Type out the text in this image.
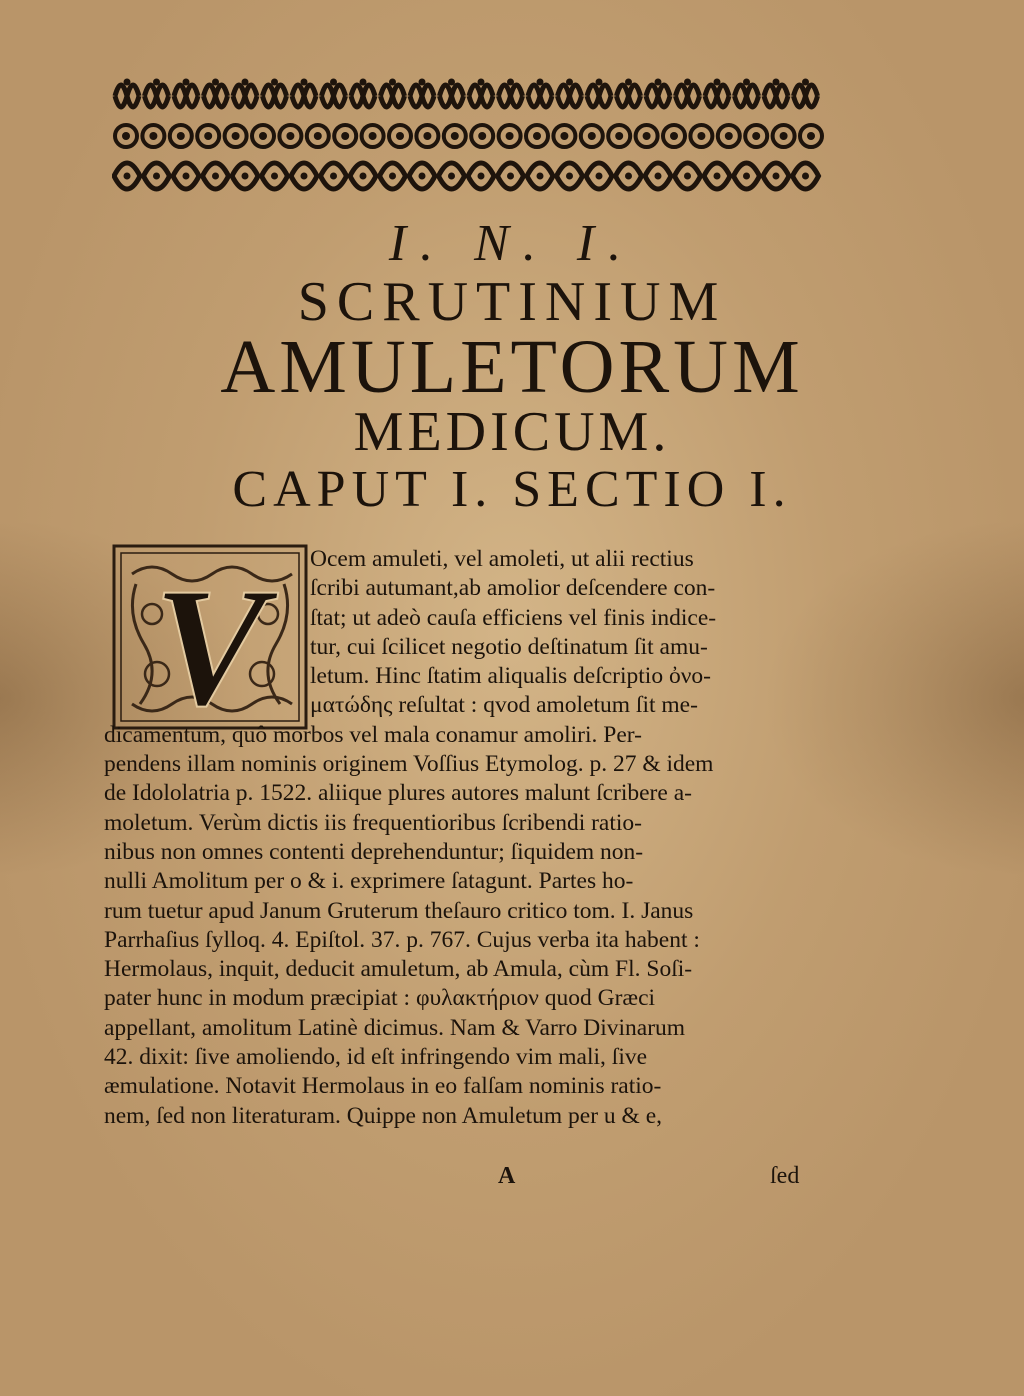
I. N. I.
SCRUTINIUM
AMULETORUM
MEDICUM.
CAPUT I. SECTIO I.
V	Ocem amuleti, vel amoleti, ut alii rectius
ſcribi autumant,ab amolior deſcendere con-
ſtat; ut adeò cauſa efficiens vel finis indice-
tur, cui ſcilicet negotio deſtinatum ſit amu-
letum. Hinc ſtatim aliqualis deſcriptio ὀνο-
ματώδης reſultat : qvod amoletum ſit me-
dicamentum, quô morbos vel mala conamur amoliri. Per-
pendens illam nominis originem Voſſius Etymolog. p. 27 & idem
de Idololatria p. 1522. aliique plures autores malunt ſcribere a-
moletum. Verùm dictis iis frequentioribus ſcribendi ratio-
nibus non omnes contenti deprehenduntur; ſiquidem non-
nulli Amolitum per o & i. exprimere ſatagunt. Partes ho-
rum tuetur apud Janum Gruterum theſauro critico tom. I. Janus
Parrhaſius ſylloq. 4. Epiſtol. 37. p. 767. Cujus verba ita habent :
Hermolaus, inquit, deducit amuletum, ab Amula, cùm Fl. Soſi-
pater hunc in modum præcipiat : φυλακτήριον quod Græci
appellant, amolitum Latinè dicimus. Nam & Varro Divinarum
42. dixit: ſive amoliendo, id eſt infringendo vim mali, ſive
æmulatione. Notavit Hermolaus in eo falſam nominis ratio-
nem, ſed non literaturam. Quippe non Amuletum per u & e,
A	ſed
